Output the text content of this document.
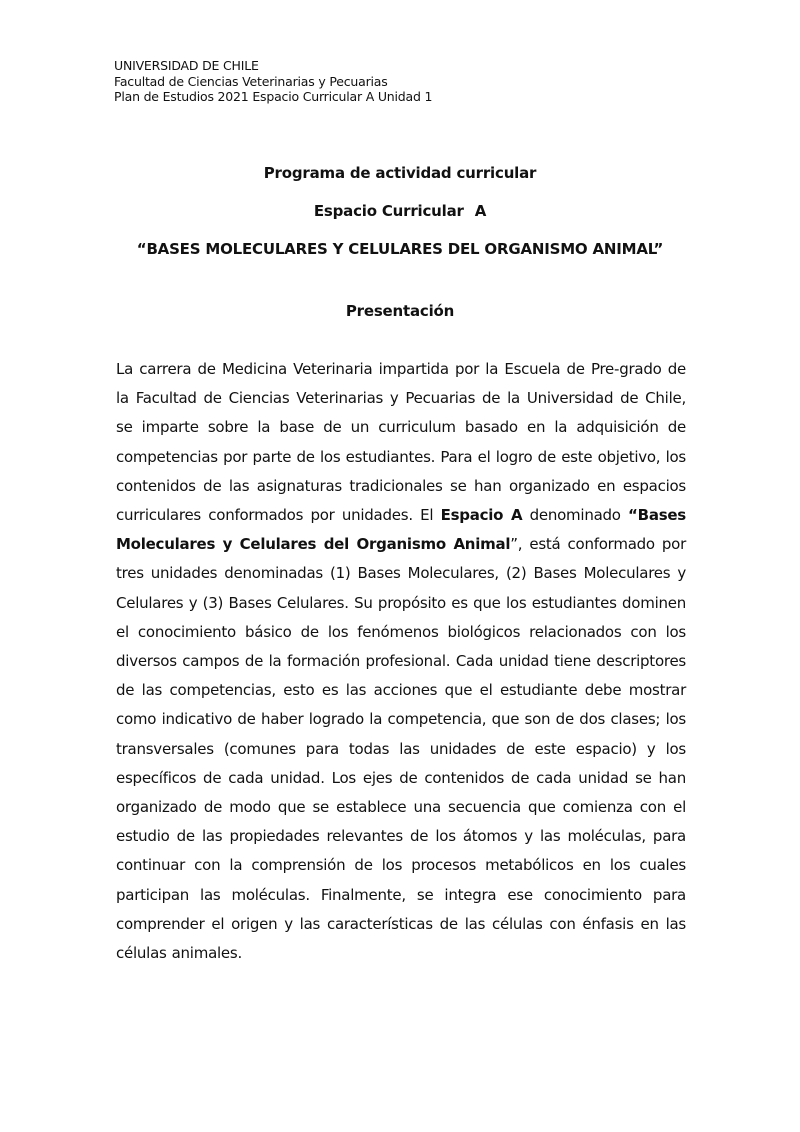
UNIVERSIDAD DE CHILE
Facultad de Ciencias Veterinarias y Pecuarias
Plan de Estudios 2021 Espacio Curricular A Unidad 1
Programa de actividad curricular
Espacio Curricular A
“BASES MOLECULARES Y CELULARES DEL ORGANISMO ANIMAL”
Presentación
La carrera de Medicina Veterinaria impartida por la Escuela de Pre-grado de la Facultad de Ciencias Veterinarias y Pecuarias de la Universidad de Chile, se imparte sobre la base de un curriculum basado en la adquisición de competencias por parte de los estudiantes. Para el logro de este objetivo, los contenidos de las asignaturas tradicionales se han organizado en espacios curriculares conformados por unidades. El Espacio A denominado “Bases Moleculares y Celulares del Organismo Animal”, está conformado por tres unidades denominadas (1) Bases Moleculares, (2) Bases Moleculares y Celulares y (3) Bases Celulares. Su propósito es que los estudiantes dominen el conocimiento básico de los fenómenos biológicos relacionados con los diversos campos de la formación profesional. Cada unidad tiene descriptores de las competencias, esto es las acciones que el estudiante debe mostrar como indicativo de haber logrado la competencia, que son de dos clases; los transversales (comunes para todas las unidades de este espacio) y los específicos de cada unidad. Los ejes de contenidos de cada unidad se han organizado de modo que se establece una secuencia que comienza con el estudio de las propiedades relevantes de los átomos y las moléculas, para continuar con la comprensión de los procesos metabólicos en los cuales participan las moléculas. Finalmente, se integra ese conocimiento para comprender el origen y las características de las células con énfasis en las células animales.
